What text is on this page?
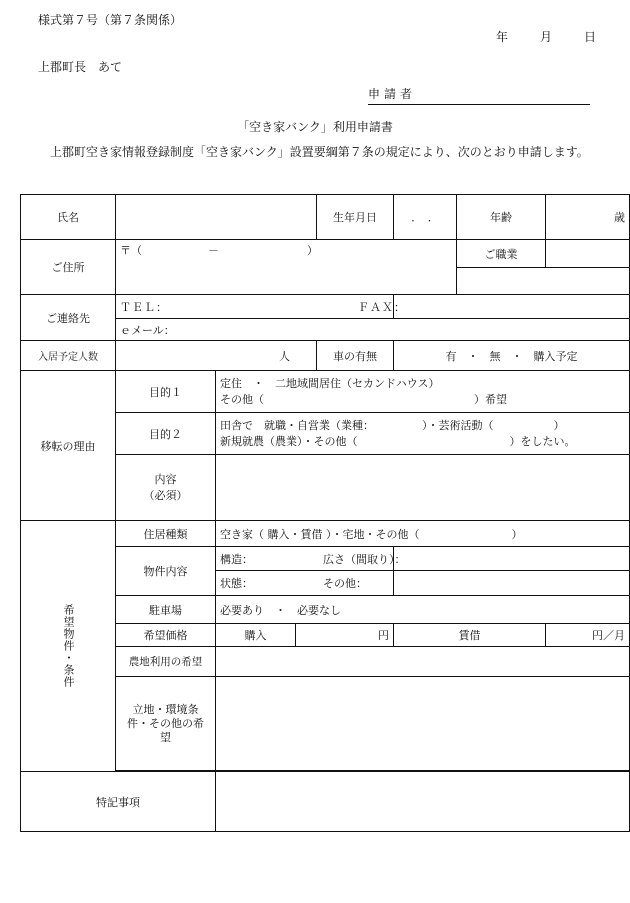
様式第７号（第７条関係）
年	月	日
上郡町長　あて
申請者
「空き家バンク」利用申請書
上郡町空き家情報登録制度「空き家バンク」設置要綱第７条の規定により、次のとおり申請します。
氏名				生年月日	．　．	年齢	歳
ご住所	〒（　　　　　　－　　　　　　　　）					ご職業	

ご連絡先	ＴＥＬ：				ＦＡＸ：		
	ｅメール：						
入居予定人数	人			車の有無	有　・　無　・　購入予定		
移転の理由	目的１	定住　・　二地域間居住（セカンドハウス）
その他（ ）希望					

	目的２	田舎で　就職・自営業（業種： ）・芸術活動（ ）
新規就農（農業）・その他（ ）をしたい。					

	内容
（必須）						

希望物件・条件	住居種類	空き家（ 購入・賃借 ）・宅地・その他（ ）					
	物件内容	構造：			広さ（間取り）：		
		状態：			その他：		
	駐車場	必要あり　・　必要なし					
	希望価格	購入	円		賃借		円／月
	農地利用の希望						
	立地・環境条件・その他の希望						

特記事項							
